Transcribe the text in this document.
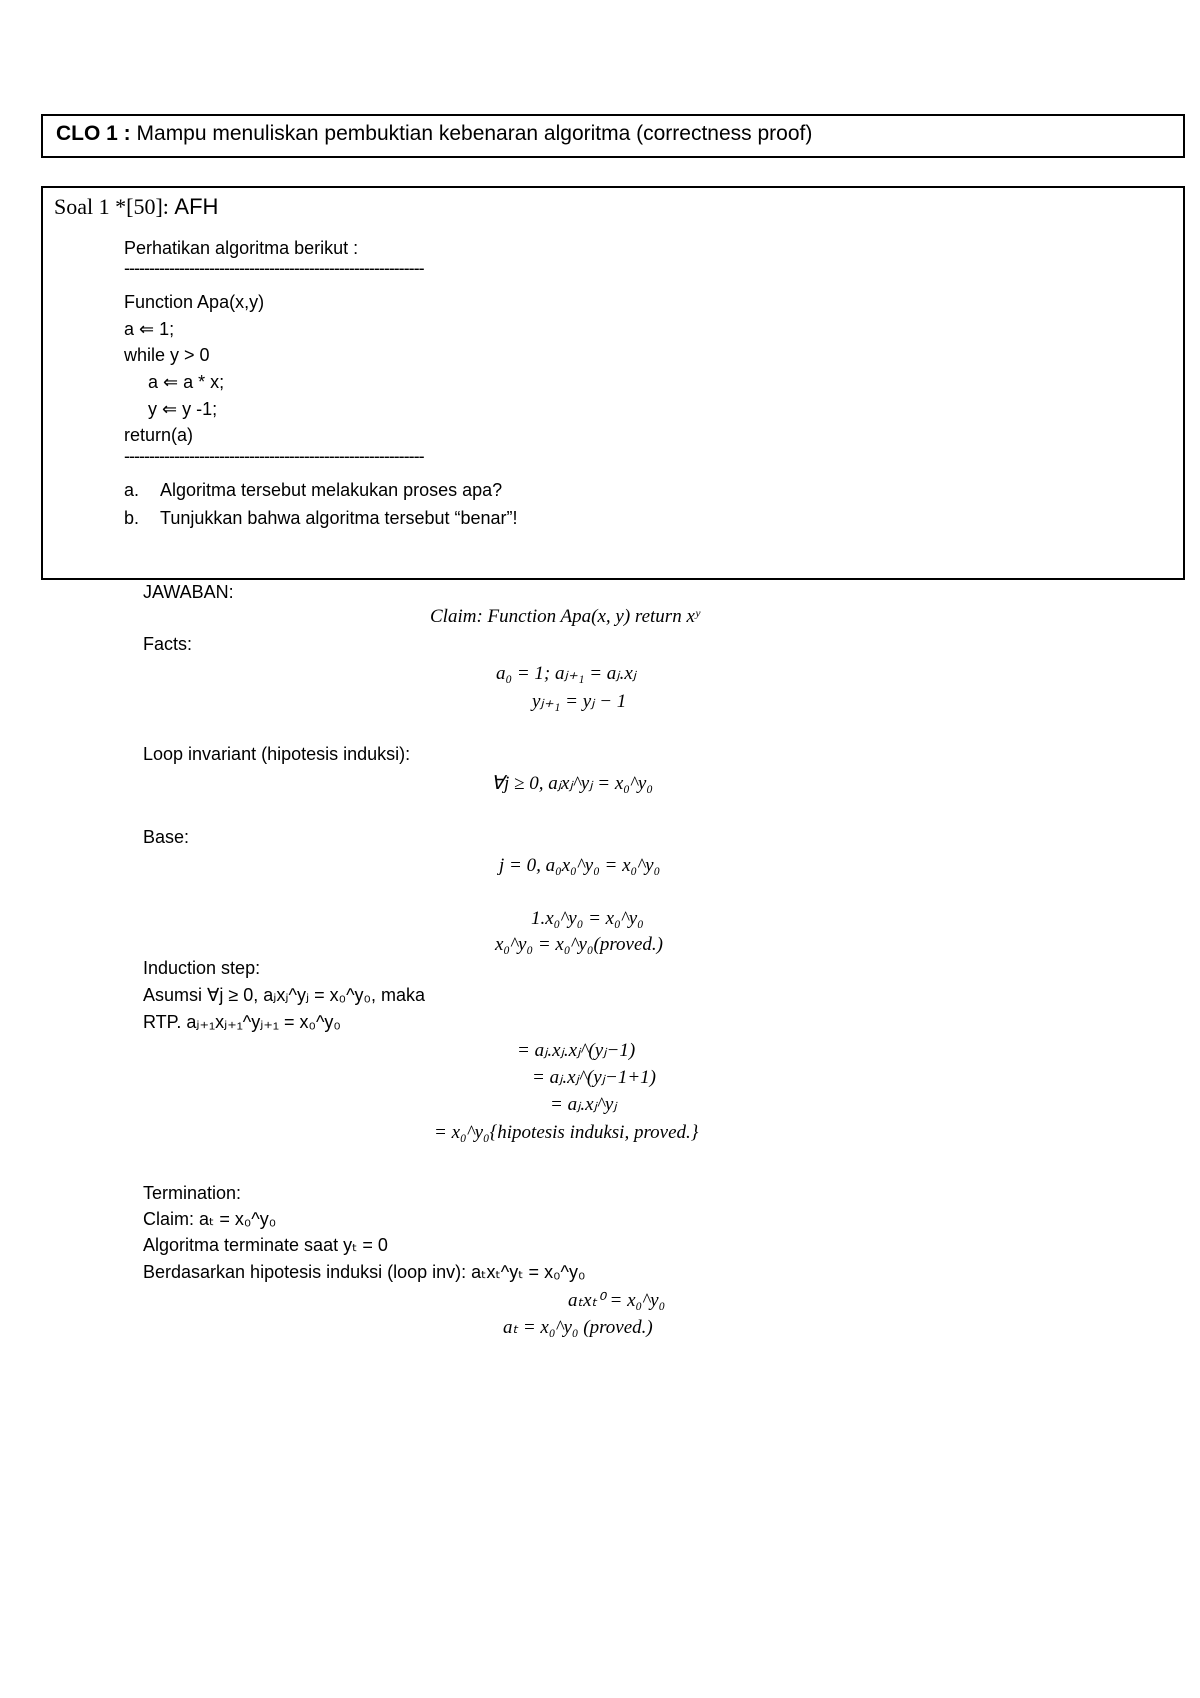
CLO 1 : Mampu menuliskan pembuktian kebenaran algoritma (correctness proof)
Soal 1 *[50]: AFH
Perhatikan algoritma berikut :
------------------------------------------------------------
Function Apa(x,y)
a ⇐ 1;
while y > 0
a ⇐ a * x;
y ⇐ y -1;
return(a)
------------------------------------------------------------
a. Algoritma tersebut melakukan proses apa?
b. Tunjukkan bahwa algoritma tersebut “benar”!
JAWABAN:
Claim: Function Apa(x, y) return xʸ
Facts:
a₀ = 1; aⱼ₊₁ = aⱼ.xⱼ
yⱼ₊₁ = yⱼ − 1
Loop invariant (hipotesis induksi):
∀j ≥ 0, aⱼxⱼ^yⱼ = x₀^y₀
Base:
j = 0, a₀x₀^y₀ = x₀^y₀
1.x₀^y₀ = x₀^y₀
x₀^y₀ = x₀^y₀(proved.)
Induction step:
Asumsi ∀j ≥ 0, aⱼxⱼ^yⱼ = x₀^y₀, maka
RTP. aⱼ₊₁xⱼ₊₁^yⱼ₊₁ = x₀^y₀
= aⱼ.xⱼ.xⱼ^(yⱼ−1)
= aⱼ.xⱼ^(yⱼ−1+1)
= aⱼ.xⱼ^yⱼ
= x₀^y₀{hipotesis induksi, proved.}
Termination:
Claim: aₜ = x₀^y₀
Algoritma terminate saat yₜ = 0
Berdasarkan hipotesis induksi (loop inv): aₜxₜ^yₜ = x₀^y₀
aₜxₜ⁰ = x₀^y₀
aₜ = x₀^y₀ (proved.)
